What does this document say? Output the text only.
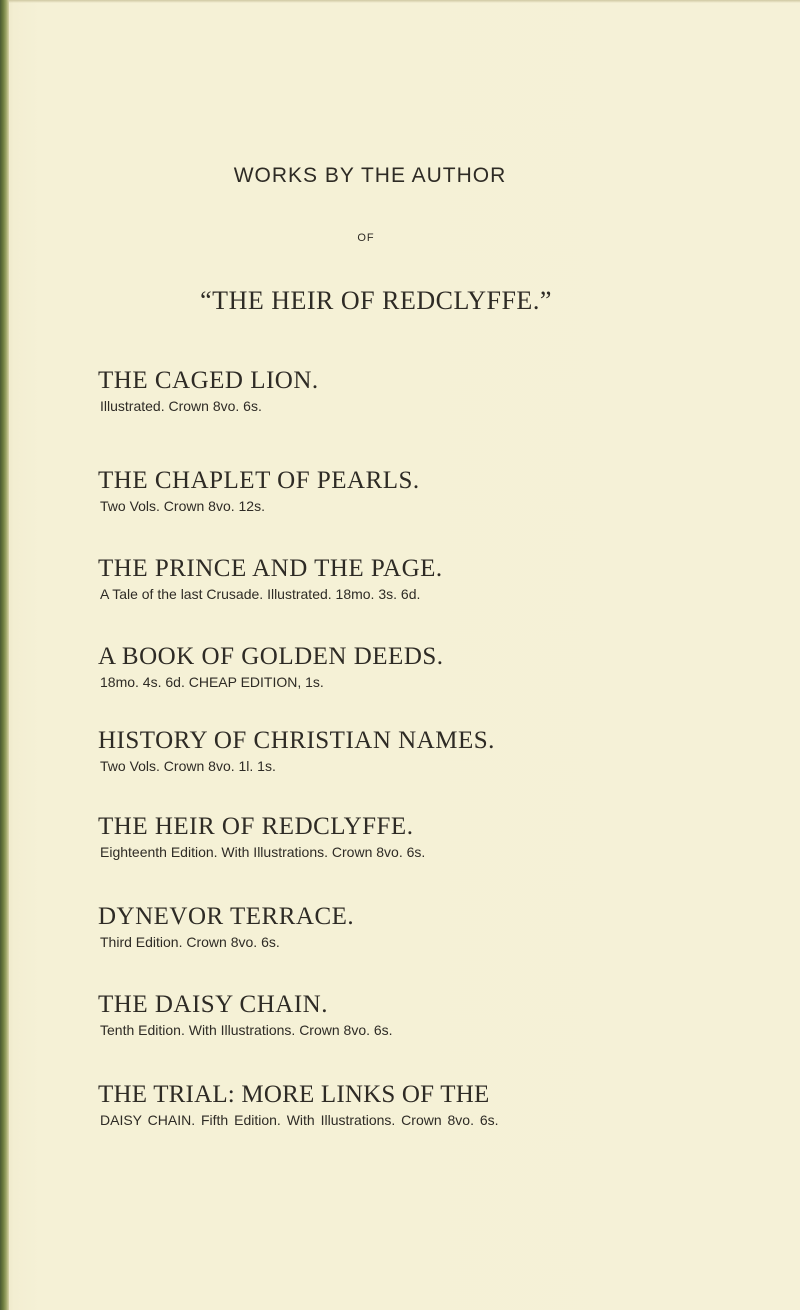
WORKS BY THE AUTHOR
OF
“THE HEIR OF REDCLYFFE.”
THE CAGED LION.
Illustrated. Crown 8vo. 6s.
THE CHAPLET OF PEARLS.
Two Vols. Crown 8vo. 12s.
THE PRINCE AND THE PAGE.
A Tale of the last Crusade. Illustrated. 18mo. 3s. 6d.
A BOOK OF GOLDEN DEEDS.
18mo. 4s. 6d. CHEAP EDITION, 1s.
HISTORY OF CHRISTIAN NAMES.
Two Vols. Crown 8vo. 1l. 1s.
THE HEIR OF REDCLYFFE.
Eighteenth Edition. With Illustrations. Crown 8vo. 6s.
DYNEVOR TERRACE.
Third Edition. Crown 8vo. 6s.
THE DAISY CHAIN.
Tenth Edition. With Illustrations. Crown 8vo. 6s.
THE TRIAL: MORE LINKS OF THE
DAISY CHAIN. Fifth Edition. With Illustrations. Crown 8vo. 6s.
